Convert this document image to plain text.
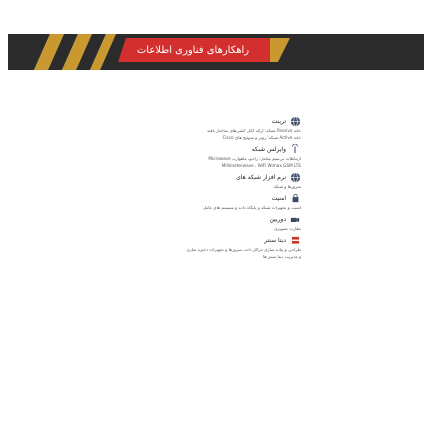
راهکارهای فناوری اطلاعات
ترینت
خانه Passive شبکه: ارائه کابل کشی‌های ساختار یافته
خانه Active شبکه: روتر و سوئیچ های Cisco
وایرلس شبکه
ارتباطات بی‌سیم شامل: رادیو، ماهواره، Microwave
Millimeterwave ، WiFi Wimax GSM LTE
نرم افزار شبکه های
سرورها و شبکه
امنیت
امنیت و تجهیزات شبکه و پایگاه داده و سیستم های عامل
دوربین
نظارت تصویری
دیتا سنتر
طراحی و پیاده سازی مراکز داده، سرورها و تجهیزات ذخیره سازی
و مدیریت دیتا سنتر ها
